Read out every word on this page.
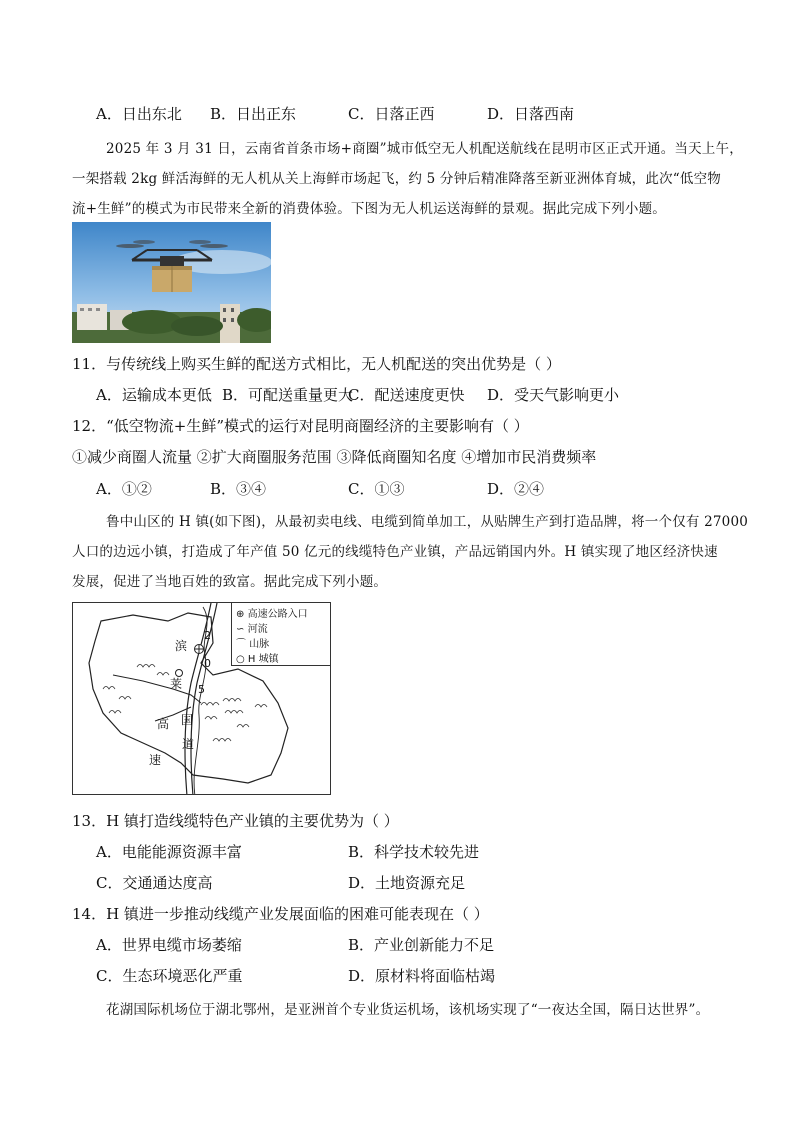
A．日出东北 B．日出正东	C．日落正西	D．日落西南
2025 年 3 月 31 日，云南省首条市场+商圈”城市低空无人机配送航线在昆明市区正式开通。当天上午，
一架搭载 2kg 鲜活海鲜的无人机从关上海鲜市场起飞，约 5 分钟后精准降落至新亚洲体育城，此次“低空物
流+生鲜”的模式为市民带来全新的消费体验。下图为无人机运送海鲜的景观。据此完成下列小题。
11．与传统线上购买生鲜的配送方式相比，无人机配送的突出优势是（ ）
A．运输成本更低 B．可配送重量更大
C．配送速度更快 D．受天气影响更小
12．“低空物流+生鲜”模式的运行对昆明商圈经济的主要影响有（ ）
①减少商圈人流量 ②扩大商圈服务范围 ③降低商圈知名度 ④增加市民消费频率
A．①②	B．③④	C．①③	D．②④
鲁中山区的 H 镇(如下图)，从最初卖电线、电缆到简单加工，从贴牌生产到打造品牌，将一个仅有 27000
人口的边远小镇，打造成了年产值 50 亿元的线缆特色产业镇，产品远销国内外。H 镇实现了地区经济快速
发展，促进了当地百姓的致富。据此完成下列小题。
滨
莱
高
速
国
道
2
0
5
⊕ 高速公路入口
∽ 河流
⌒ 山脉
○ H 城镇
13．H 镇打造线缆特色产业镇的主要优势为（ ）
A．电能能源资源丰富	B．科学技术较先进
C．交通通达度高	D．土地资源充足
14．H 镇进一步推动线缆产业发展面临的困难可能表现在（ ）
A．世界电缆市场萎缩	B．产业创新能力不足
C．生态环境恶化严重	D．原材料将面临枯竭
花湖国际机场位于湖北鄂州，是亚洲首个专业货运机场，该机场实现了“一夜达全国，隔日达世界”。
